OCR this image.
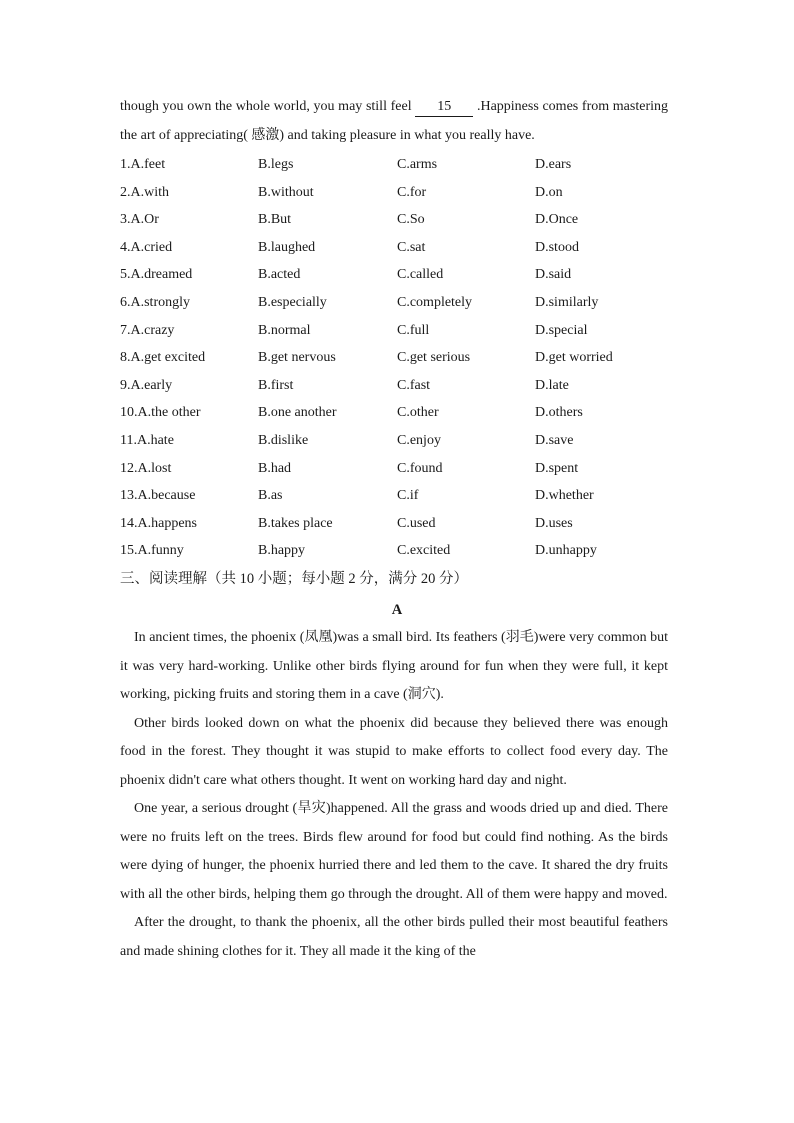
though you own the whole world, you may still feel 15 .Happiness comes from mastering the art of appreciating( 感激) and taking pleasure in what you really have.

1.A.feet	B.legs	C.arms	D.ears
2.A.with	B.without	C.for	D.on
3.A.Or	B.But	C.So	D.Once
4.A.cried	B.laughed	C.sat	D.stood
5.A.dreamed	B.acted	C.called	D.said
6.A.strongly	B.especially	C.completely	D.similarly
7.A.crazy	B.normal	C.full	D.special
8.A.get excited	B.get nervous	C.get serious	D.get worried
9.A.early	B.first	C.fast	D.late
10.A.the other	B.one another	C.other	D.others
11.A.hate	B.dislike	C.enjoy	D.save
12.A.lost	B.had	C.found	D.spent
13.A.because	B.as	C.if	D.whether
14.A.happens	B.takes place	C.used	D.uses
15.A.funny	B.happy	C.excited	D.unhappy
三、阅读理解（共 10 小题；每小题 2 分，满分 20 分）
A

In ancient times, the phoenix (凤凰)was a small bird. Its feathers (羽毛)were very common but it was very hard-working. Unlike other birds flying around for fun when they were full, it kept working, picking fruits and storing them in a cave (洞穴).

Other birds looked down on what the phoenix did because they believed there was enough food in the forest. They thought it was stupid to make efforts to collect food every day. The phoenix didn't care what others thought. It went on working hard day and night.

One year, a serious drought (旱灾)happened. All the grass and woods dried up and died. There were no fruits left on the trees. Birds flew around for food but could find nothing. As the birds were dying of hunger, the phoenix hurried there and led them to the cave. It shared the dry fruits with all the other birds, helping them go through the drought. All of them were happy and moved.

After the drought, to thank the phoenix, all the other birds pulled their most beautiful feathers and made shining clothes for it. They all made it the king of the
